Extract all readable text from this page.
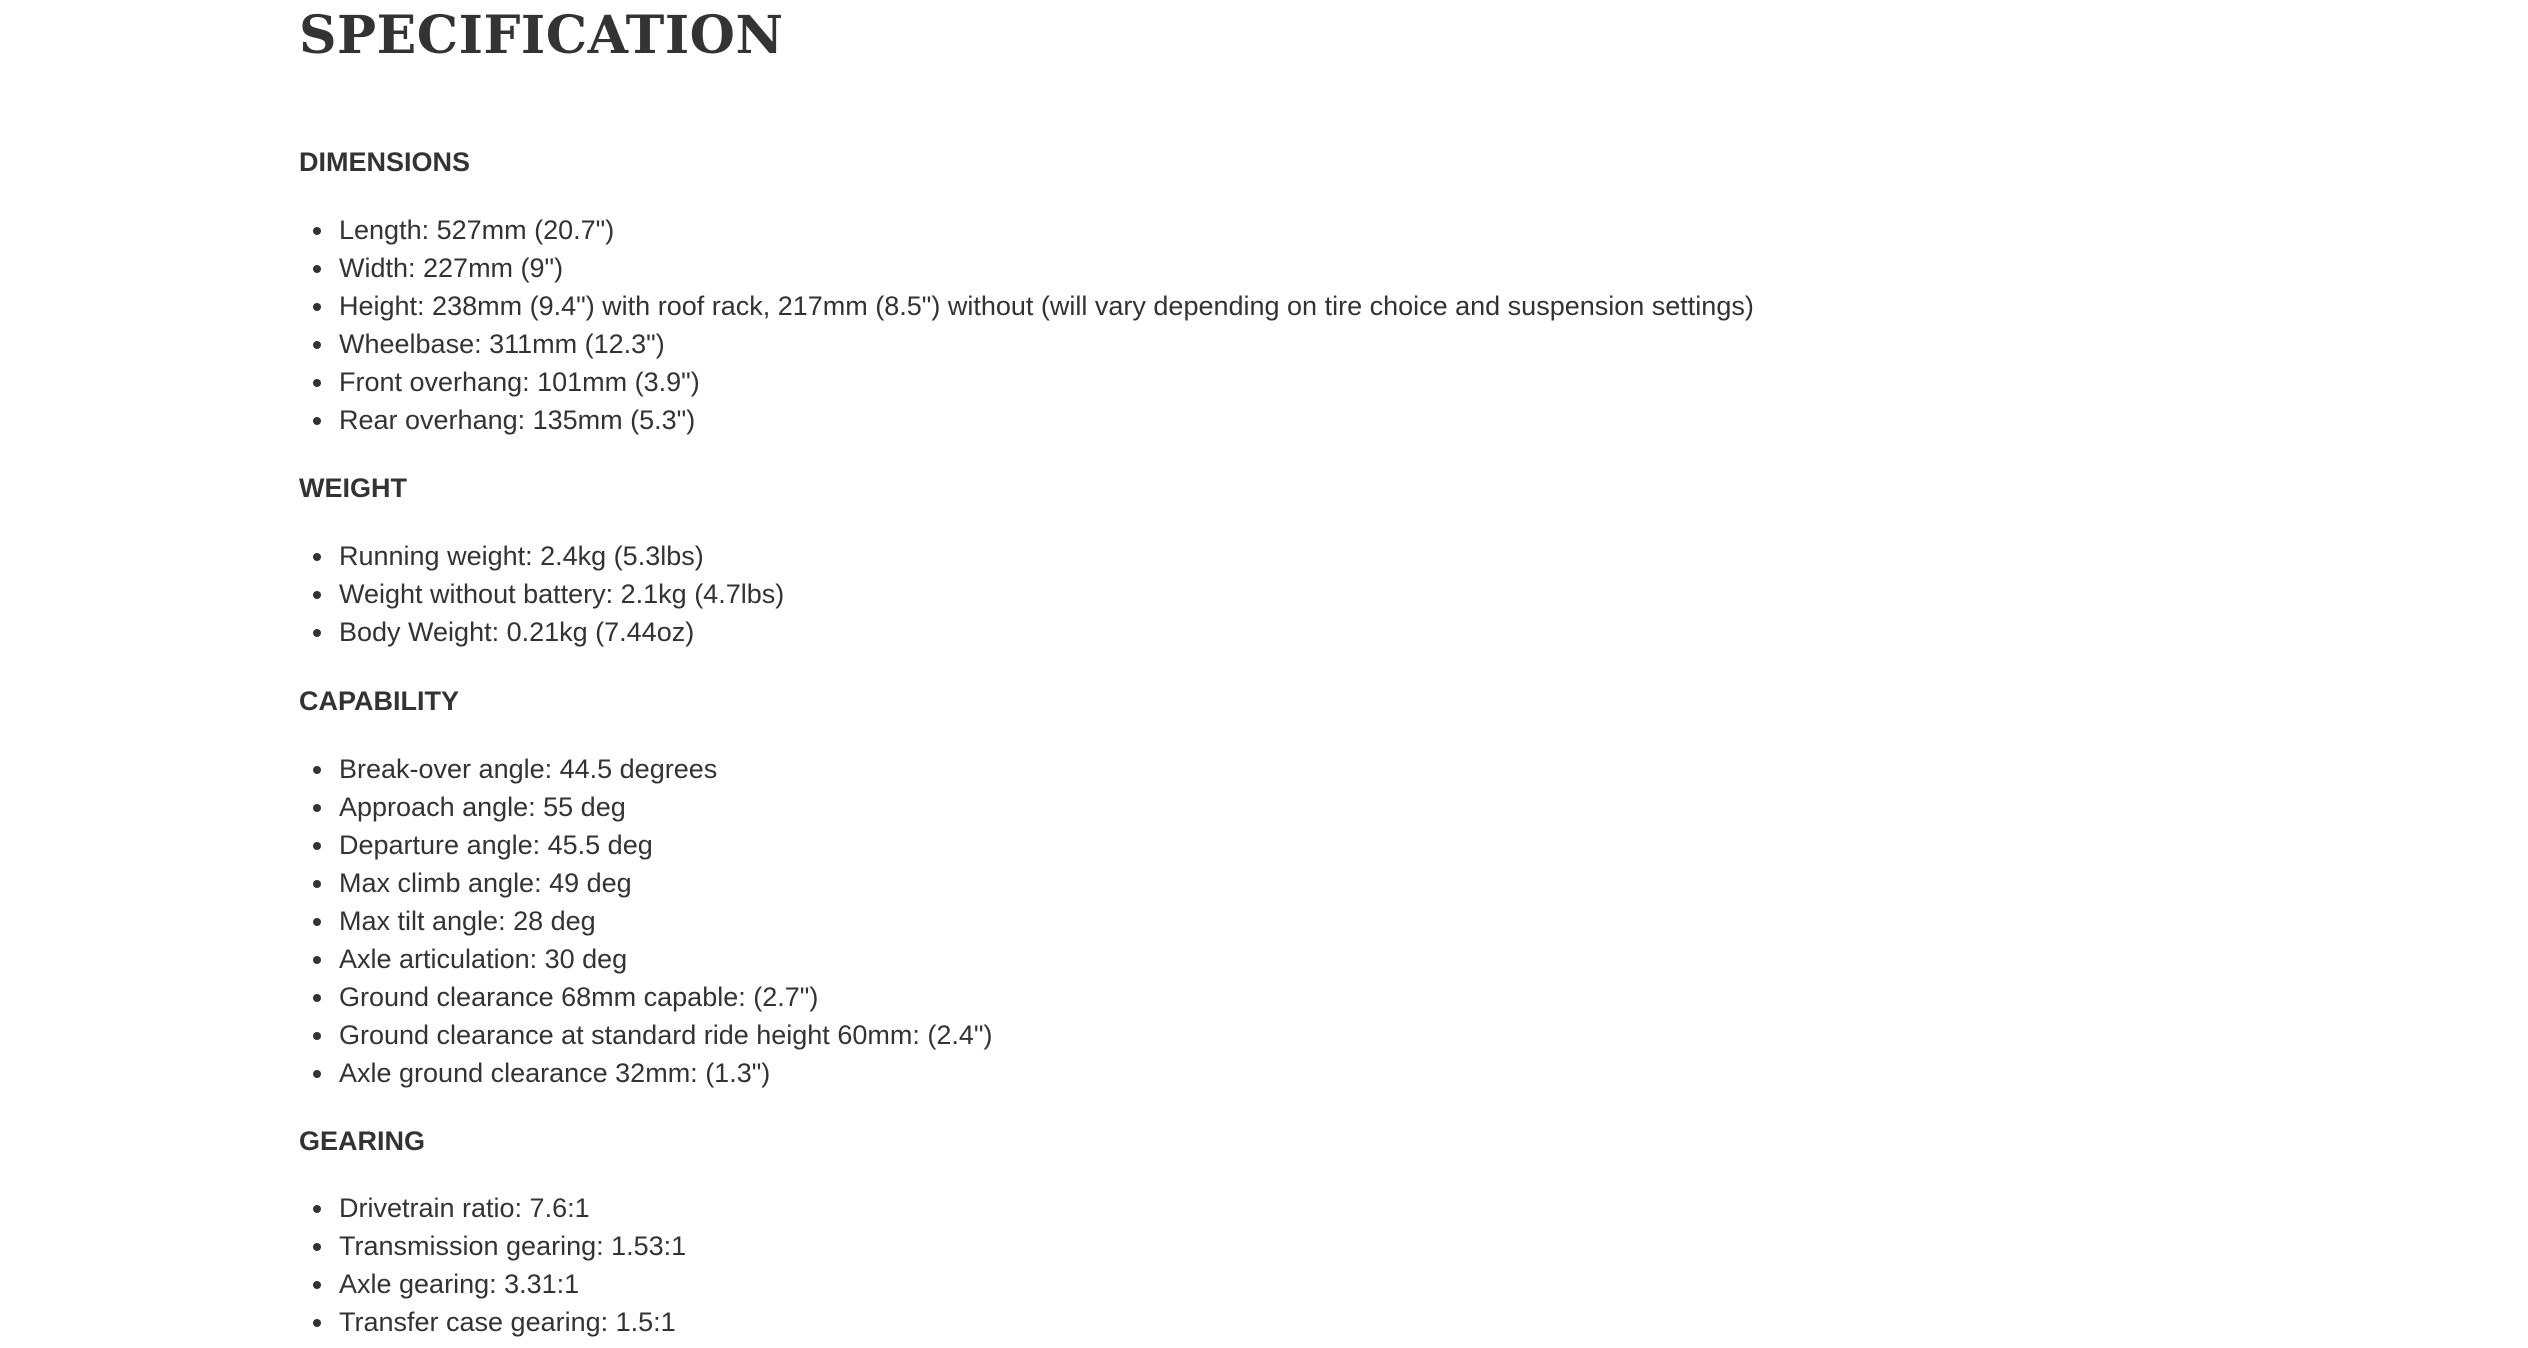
SPECIFICATION
DIMENSIONS
Length: 527mm (20.7")
Width: 227mm (9")
Height: 238mm (9.4") with roof rack, 217mm (8.5") without (will vary depending on tire choice and suspension settings)
Wheelbase: 311mm (12.3")
Front overhang: 101mm (3.9")
Rear overhang: 135mm (5.3")
WEIGHT
Running weight: 2.4kg (5.3lbs)
Weight without battery: 2.1kg (4.7lbs)
Body Weight: 0.21kg (7.44oz)
CAPABILITY
Break-over angle: 44.5 degrees
Approach angle: 55 deg
Departure angle: 45.5 deg
Max climb angle: 49 deg
Max tilt angle: 28 deg
Axle articulation: 30 deg
Ground clearance 68mm capable: (2.7")
Ground clearance at standard ride height 60mm: (2.4")
Axle ground clearance 32mm: (1.3")
GEARING
Drivetrain ratio: 7.6:1
Transmission gearing: 1.53:1
Axle gearing: 3.31:1
Transfer case gearing: 1.5:1
